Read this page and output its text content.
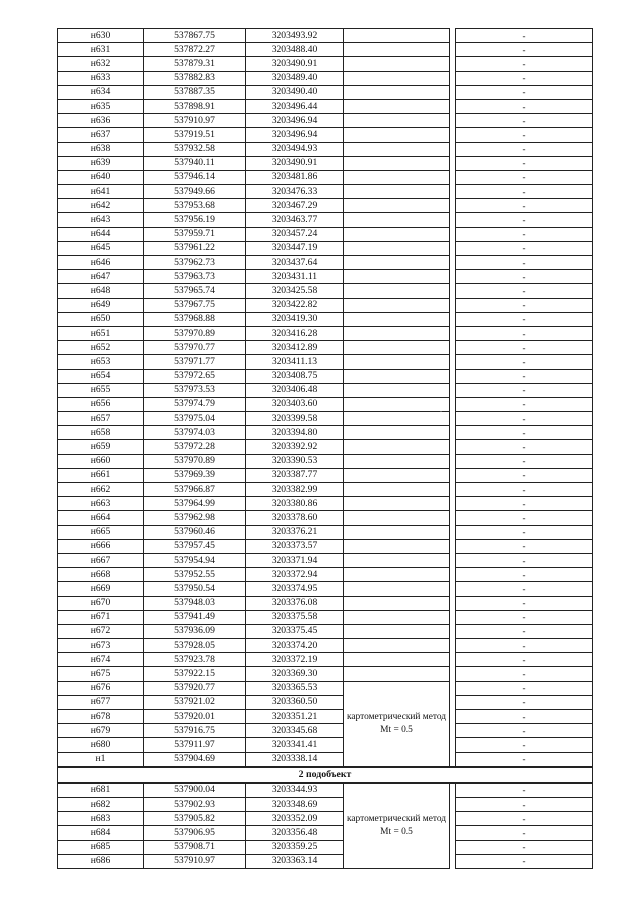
н630	537867.75	3203493.92			-
н631	537872.27	3203488.40			-
н632	537879.31	3203490.91			-
н633	537882.83	3203489.40			-
н634	537887.35	3203490.40			-
н635	537898.91	3203496.44			-
н636	537910.97	3203496.94			-
н637	537919.51	3203496.94			-
н638	537932.58	3203494.93			-
н639	537940.11	3203490.91			-
н640	537946.14	3203481.86			-
н641	537949.66	3203476.33			-
н642	537953.68	3203467.29			-
н643	537956.19	3203463.77			-
н644	537959.71	3203457.24			-
н645	537961.22	3203447.19			-
н646	537962.73	3203437.64			-
н647	537963.73	3203431.11			-
н648	537965.74	3203425.58			-
н649	537967.75	3203422.82			-
н650	537968.88	3203419.30			-
н651	537970.89	3203416.28			-
н652	537970.77	3203412.89			-
н653	537971.77	3203411.13			-
н654	537972.65	3203408.75			-
н655	537973.53	3203406.48			-
н656	537974.79	3203403.60			-
н657	537975.04	3203399.58			-
н658	537974.03	3203394.80			-
н659	537972.28	3203392.92			-
н660	537970.89	3203390.53			-
н661	537969.39	3203387.77			-
н662	537966.87	3203382.99			-
н663	537964.99	3203380.86			-
н664	537962.98	3203378.60			-
н665	537960.46	3203376.21			-
н666	537957.45	3203373.57			-
н667	537954.94	3203371.94			-
н668	537952.55	3203372.94			-
н669	537950.54	3203374.95			-
н670	537948.03	3203376.08			-
н671	537941.49	3203375.58			-
н672	537936.09	3203375.45			-
н673	537928.05	3203374.20			-
н674	537923.78	3203372.19			-
н675	537922.15	3203369.30			-
н676	537920.77	3203365.53	картометрический метод Mt = 0.5		-
н677	537921.02	3203360.50			-
н678	537920.01	3203351.21			-
н679	537916.75	3203345.68			-
н680	537911.97	3203341.41			-
н1	537904.69	3203338.14			-
2 подобъект					
н681	537900.04	3203344.93	картометрический метод Mt = 0.5		-
н682	537902.93	3203348.69			-
н683	537905.82	3203352.09			-
н684	537906.95	3203356.48			-
н685	537908.71	3203359.25			-
н686	537910.97	3203363.14			-
